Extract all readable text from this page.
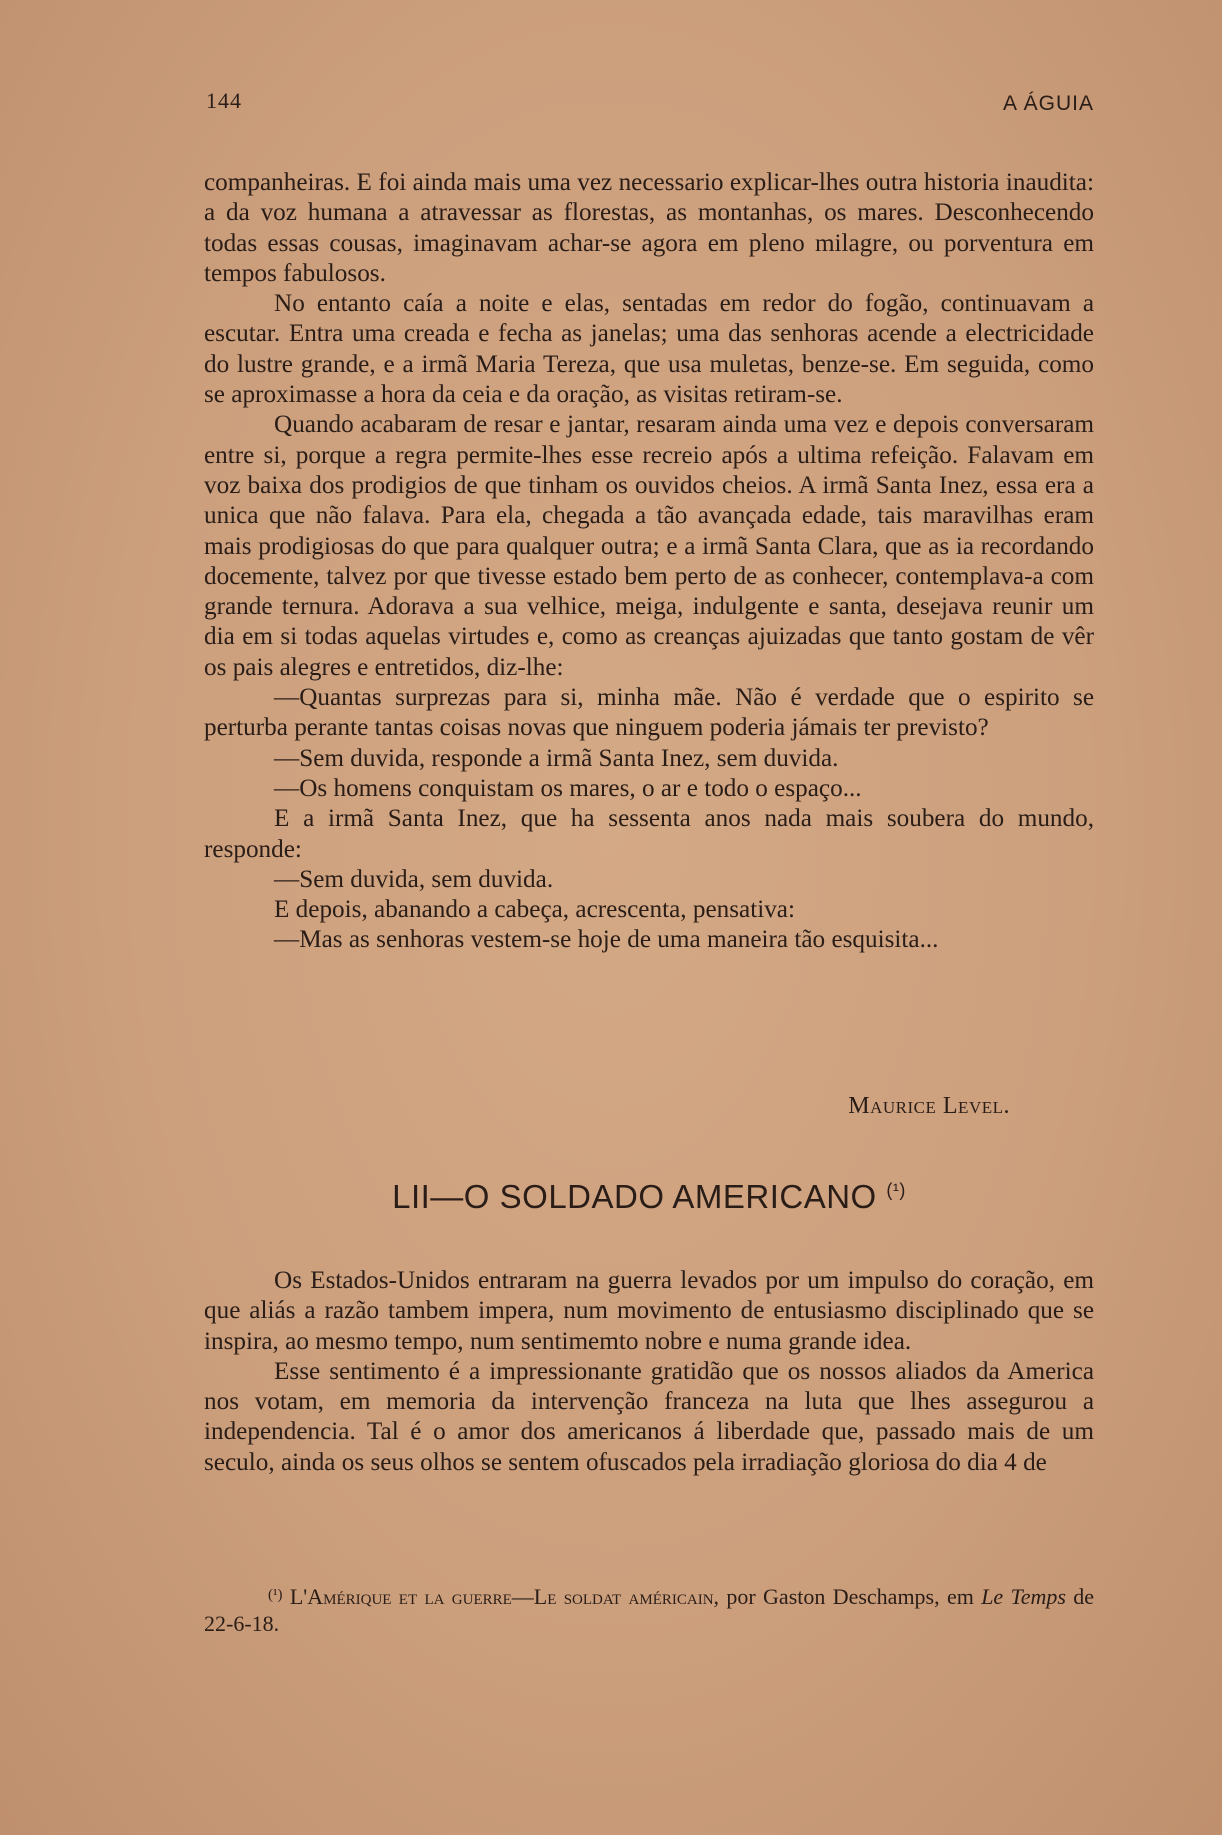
144	A ÁGUIA

companheiras. E foi ainda mais uma vez necessario explicar-lhes outra historia inaudita: a da voz humana a atravessar as florestas, as montanhas, os mares. Desconhecendo todas essas cousas, imaginavam achar-se agora em pleno milagre, ou porventura em tempos fabulosos.

No entanto caía a noite e elas, sentadas em redor do fogão, continuavam a escutar. Entra uma creada e fecha as janelas; uma das senhoras acende a electricidade do lustre grande, e a irmã Maria Tereza, que usa muletas, benze-se. Em seguida, como se aproximasse a hora da ceia e da oração, as visitas retiram-se.

Quando acabaram de resar e jantar, resaram ainda uma vez e depois conversaram entre si, porque a regra permite-lhes esse recreio após a ultima refeição. Falavam em voz baixa dos prodigios de que tinham os ouvidos cheios. A irmã Santa Inez, essa era a unica que não falava. Para ela, chegada a tão avançada edade, tais maravilhas eram mais prodigiosas do que para qualquer outra; e a irmã Santa Clara, que as ia recordando docemente, talvez por que tivesse estado bem perto de as conhecer, contemplava-a com grande ternura. Adorava a sua velhice, meiga, indulgente e santa, desejava reunir um dia em si todas aquelas virtudes e, como as creanças ajuizadas que tanto gostam de vêr os pais alegres e entretidos, diz-lhe:

—Quantas surprezas para si, minha mãe. Não é verdade que o espirito se perturba perante tantas coisas novas que ninguem poderia jámais ter previsto?

—Sem duvida, responde a irmã Santa Inez, sem duvida.

—Os homens conquistam os mares, o ar e todo o espaço...

E a irmã Santa Inez, que ha sessenta anos nada mais soubera do mundo, responde:

—Sem duvida, sem duvida.

E depois, abanando a cabeça, acrescenta, pensativa:

—Mas as senhoras vestem-se hoje de uma maneira tão esquisita...

Maurice Level.
LII—O SOLDADO AMERICANO $^{(^1)}$

Os Estados-Unidos entraram na guerra levados por um impulso do coração, em que aliás a razão tambem impera, num movimento de entusiasmo disciplinado que se inspira, ao mesmo tempo, num sentimemto nobre e numa grande idea.

Esse sentimento é a impressionante gratidão que os nossos aliados da America nos votam, em memoria da intervenção franceza na luta que lhes assegurou a independencia. Tal é o amor dos americanos á liberdade que, passado mais de um seculo, ainda os seus olhos se sentem ofuscados pela irradiação gloriosa do dia 4 de

$^{(^1)}$ L'Amérique et la guerre—Le soldat américain, por Gaston Deschamps, em Le Temps de 22-6-18.
